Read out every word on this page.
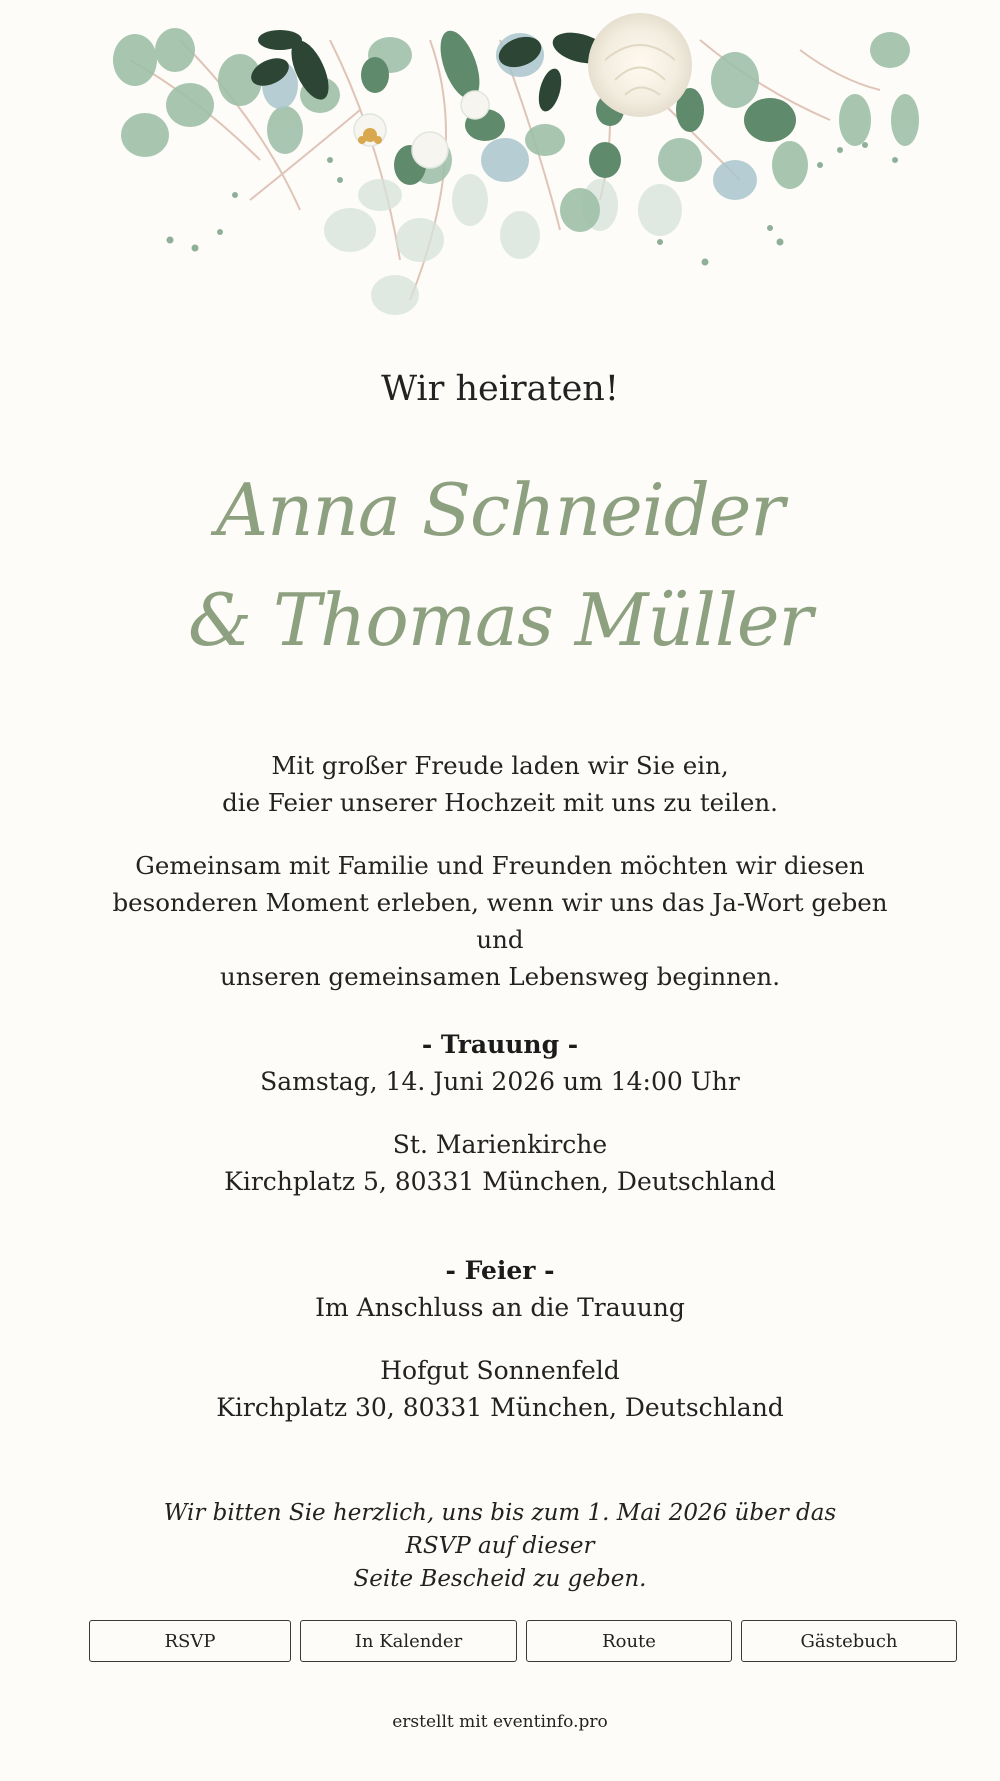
Wir heiraten!
Anna Schneider
& Thomas Müller
Mit großer Freude laden wir Sie ein,
die Feier unserer Hochzeit mit uns zu teilen.
Gemeinsam mit Familie und Freunden möchten wir diesen
besonderen Moment erleben, wenn wir uns das Ja-Wort geben und
unseren gemeinsamen Lebensweg beginnen.
- Trauung -
Samstag, 14. Juni 2026 um 14:00 Uhr
St. Marienkirche
Kirchplatz 5, 80331 München, Deutschland
- Feier -
Im Anschluss an die Trauung
Hofgut Sonnenfeld
Kirchplatz 30, 80331 München, Deutschland
Wir bitten Sie herzlich, uns bis zum 1. Mai 2026 über das RSVP auf dieser
Seite Bescheid zu geben.
RSVP	In Kalender	Route	Gästebuch
erstellt mit eventinfo.pro
